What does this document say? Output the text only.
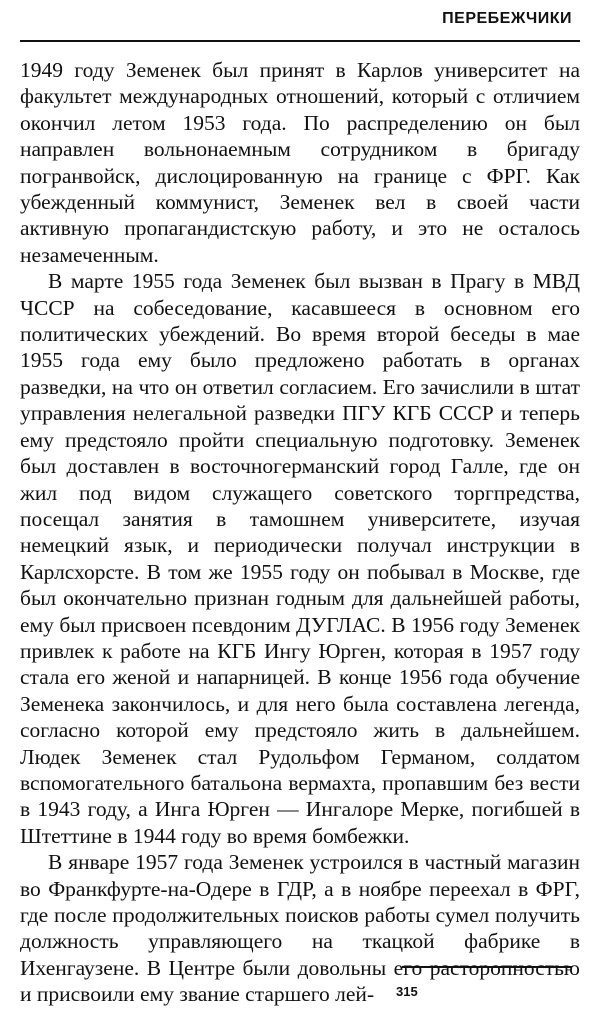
ПЕРЕБЕЖЧИКИ

1949 году Земенек был принят в Карлов университет на факультет международных отношений, который с отличием окончил летом 1953 года. По распределению он был направлен вольнонаемным сотрудником в бригаду погранвойск, дислоцированную на границе с ФРГ. Как убежденный коммунист, Земенек вел в своей части активную пропагандистскую работу, и это не осталось незамеченным.

В марте 1955 года Земенек был вызван в Прагу в МВД ЧССР на собеседование, касавшееся в основном его политических убеждений. Во время второй беседы в мае 1955 года ему было предложено работать в органах разведки, на что он ответил согласием. Его зачислили в штат управления нелегальной разведки ПГУ КГБ СССР и теперь ему предстояло пройти специальную подготовку. Земенек был доставлен в восточногерманский город Галле, где он жил под видом служащего советского торгпредства, посещал занятия в тамошнем университете, изучая немецкий язык, и периодически получал инструкции в Карлсхорсте. В том же 1955 году он побывал в Москве, где был окончательно признан годным для дальнейшей работы, ему был присвоен псевдоним ДУГЛАС. В 1956 году Земенек привлек к работе на КГБ Ингу Юрген, которая в 1957 году стала его женой и напарницей. В конце 1956 года обучение Земенека закончилось, и для него была составлена легенда, согласно которой ему предстояло жить в дальнейшем. Людек Земенек стал Рудольфом Германом, солдатом вспомогательного батальона вермахта, пропавшим без вести в 1943 году, а Инга Юрген — Ингалоре Мерке, погибшей в Штеттине в 1944 году во время бомбежки.

В январе 1957 года Земенек устроился в частный магазин во Франкфурте-на-Одере в ГДР, а в ноябре переехал в ФРГ, где после продолжительных поисков работы сумел получить должность управляющего на ткацкой фабрике в Ихенгаузене. В Центре были довольны его расторопностью и присвоили ему звание старшего лей-	315
